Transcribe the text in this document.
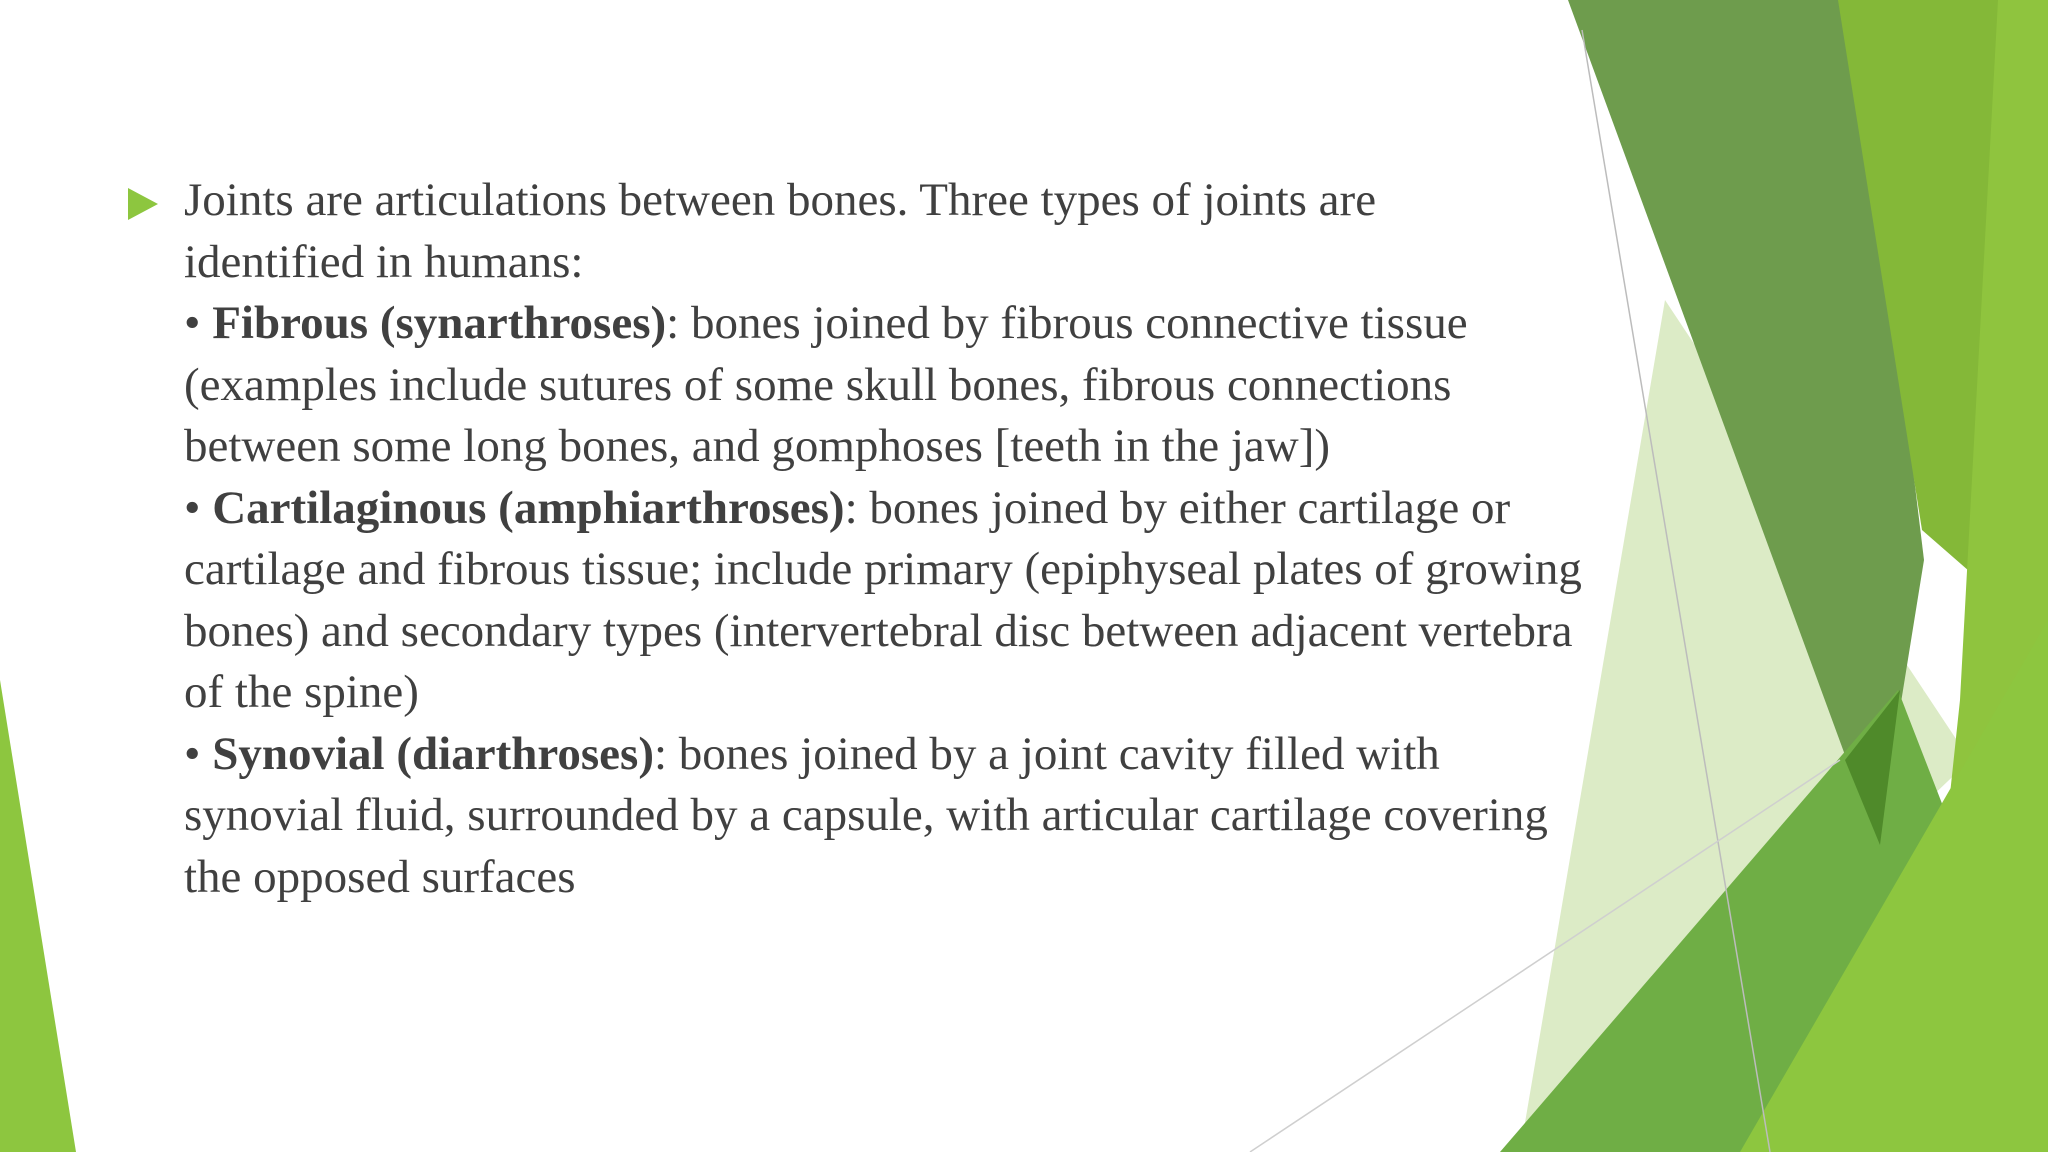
Joints are articulations between bones. Three types of joints are
identified in humans:
• Fibrous (synarthroses): bones joined by fibrous connective tissue
(examples include sutures of some skull bones, fibrous connections
between some long bones, and gomphoses [teeth in the jaw])
• Cartilaginous (amphiarthroses): bones joined by either cartilage or
cartilage and fibrous tissue; include primary (epiphyseal plates of growing
bones) and secondary types (intervertebral disc between adjacent vertebra
of the spine)
• Synovial (diarthroses): bones joined by a joint cavity filled with
synovial fluid, surrounded by a capsule, with articular cartilage covering
the opposed surfaces
